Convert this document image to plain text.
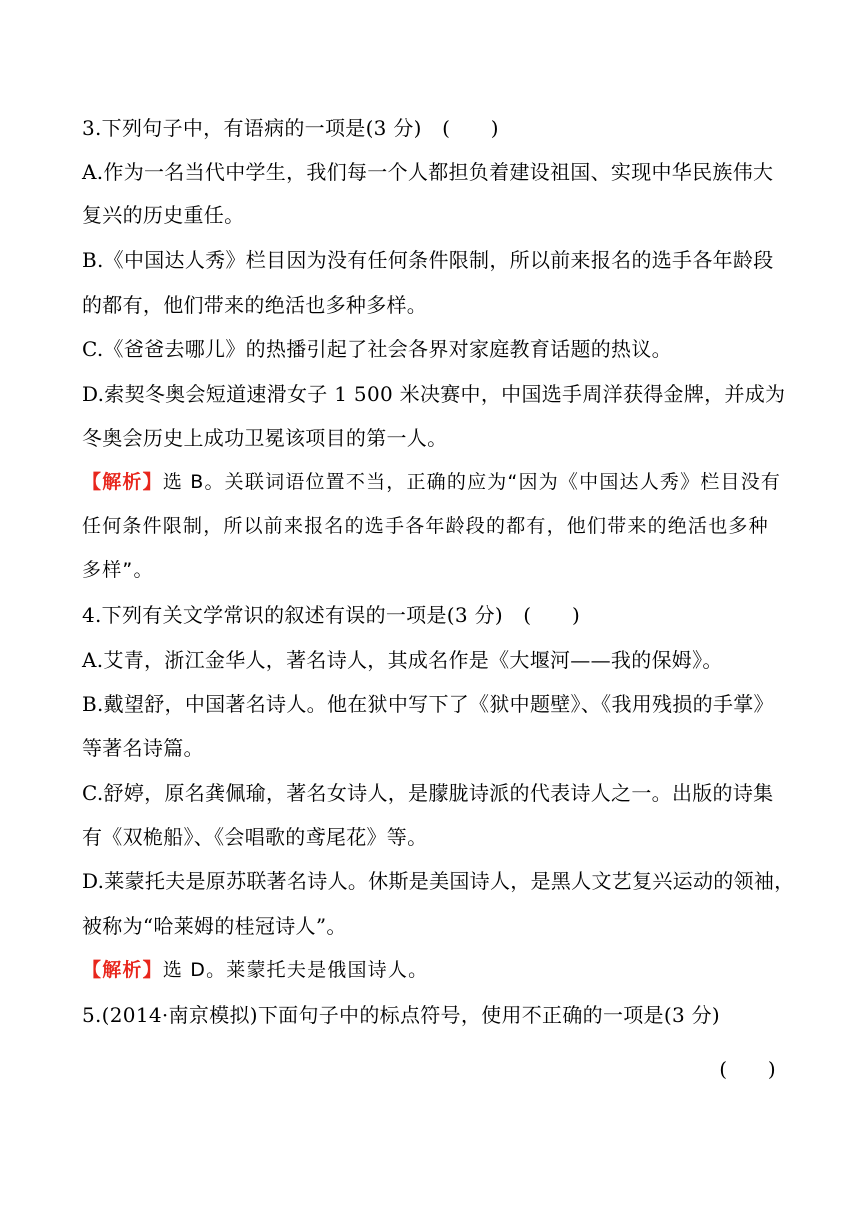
3.下列句子中，有语病的一项是(3 分)　(　　)
A.作为一名当代中学生，我们每一个人都担负着建设祖国、实现中华民族伟大
复兴的历史重任。
B.《中国达人秀》栏目因为没有任何条件限制，所以前来报名的选手各年龄段
的都有，他们带来的绝活也多种多样。
C.《爸爸去哪儿》的热播引起了社会各界对家庭教育话题的热议。
D.索契冬奥会短道速滑女子 1 500 米决赛中，中国选手周洋获得金牌，并成为
冬奥会历史上成功卫冕该项目的第一人。
【解析】选 B。关联词语位置不当，正确的应为“因为《中国达人秀》栏目没有
任何条件限制，所以前来报名的选手各年龄段的都有，他们带来的绝活也多种
多样”。
4.下列有关文学常识的叙述有误的一项是(3 分)　(　　)
A.艾青，浙江金华人，著名诗人，其成名作是《大堰河——我的保姆》。
B.戴望舒，中国著名诗人。他在狱中写下了《狱中题壁》、《我用残损的手掌》
等著名诗篇。
C.舒婷，原名龚佩瑜，著名女诗人，是朦胧诗派的代表诗人之一。出版的诗集
有《双桅船》、《会唱歌的鸢尾花》等。
D.莱蒙托夫是原苏联著名诗人。休斯是美国诗人，是黑人文艺复兴运动的领袖，
被称为“哈莱姆的桂冠诗人”。
【解析】选 D。莱蒙托夫是俄国诗人。
5.(2014·南京模拟)下面句子中的标点符号，使用不正确的一项是(3 分)
(　　)
